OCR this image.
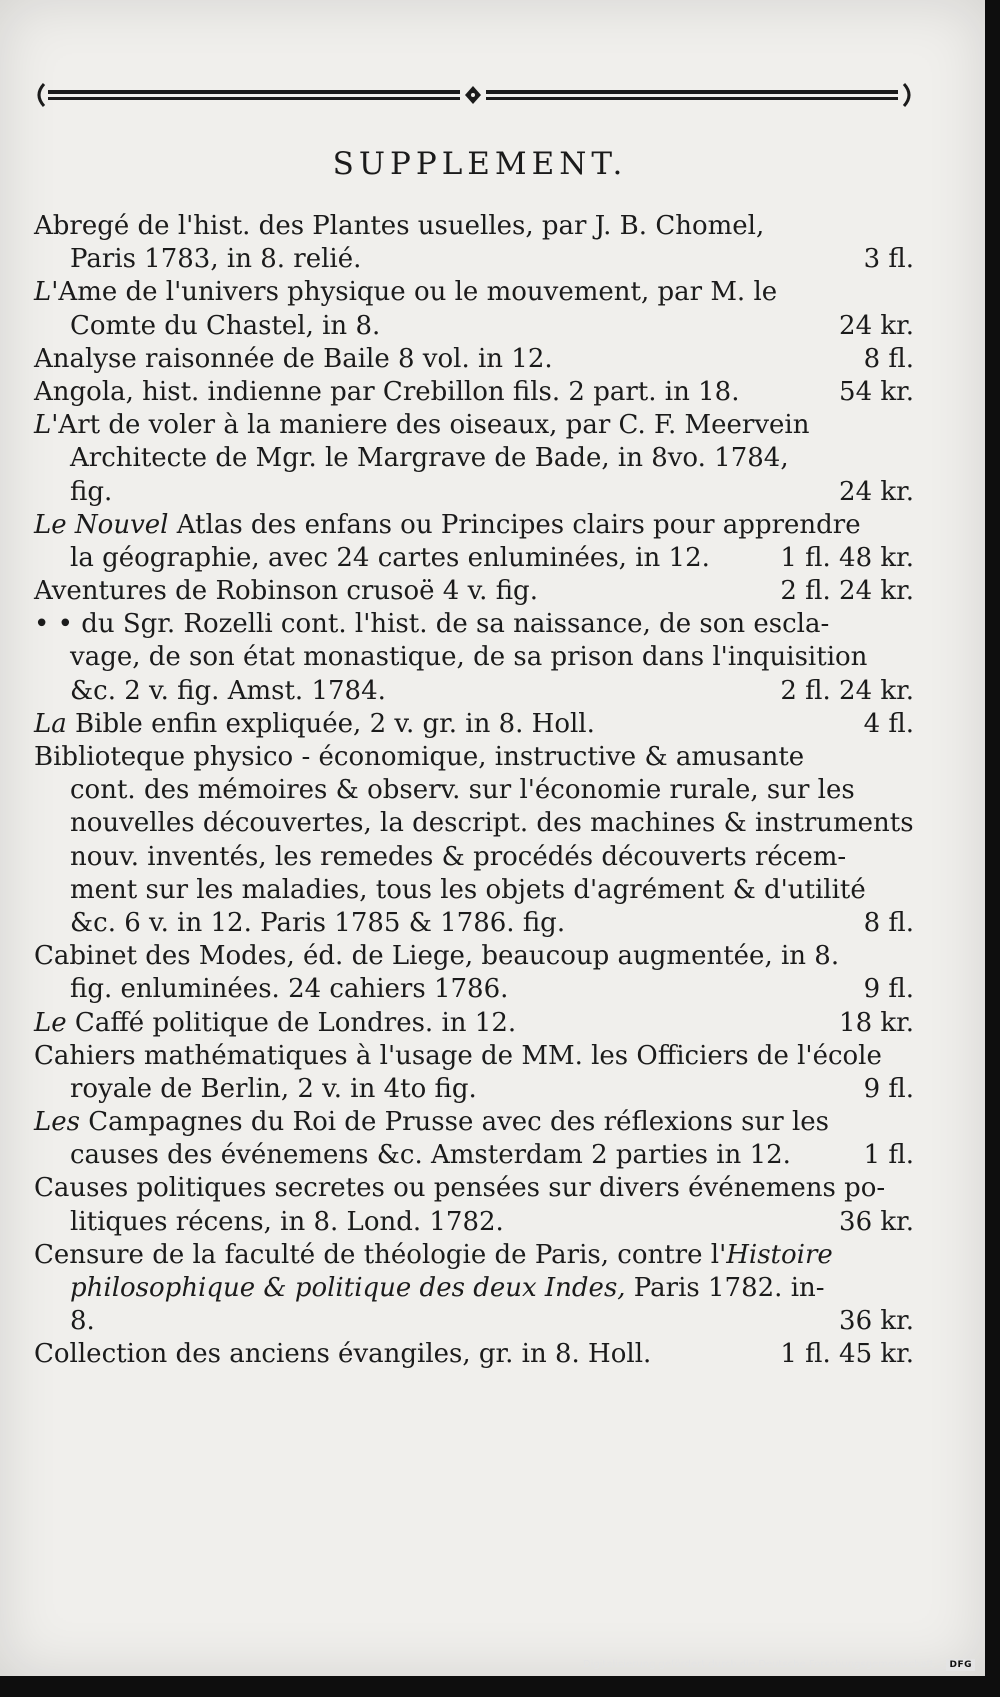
SUPPLEMENT.
Abregé de l'hist. des Plantes usuelles, par J. B. Chomel,
Paris 1783, in 8. relié.	3 fl.
L'Ame de l'univers physique ou le mouvement, par M. le
Comte du Chastel, in 8.	24 kr.
Analyse raisonnée de Baile 8 vol. in 12.	8 fl.
Angola, hist. indienne par Crebillon fils. 2 part. in 18.	54 kr.
L'Art de voler à la maniere des oiseaux, par C. F. Meervein
Architecte de Mgr. le Margrave de Bade, in 8vo. 1784,
fig.	24 kr.
Le Nouvel Atlas des enfans ou Principes clairs pour apprendre
la géographie, avec 24 cartes enluminées, in 12.	1 fl. 48 kr.
Aventures de Robinson crusoë 4 v. fig.	2 fl. 24 kr.
• • du Sgr. Rozelli cont. l'hist. de sa naissance, de son escla-
vage, de son état monastique, de sa prison dans l'inquisition
&c. 2 v. fig. Amst. 1784.	2 fl. 24 kr.
La Bible enfin expliquée, 2 v. gr. in 8. Holl.	4 fl.
Biblioteque physico - économique, instructive & amusante
cont. des mémoires & observ. sur l'économie rurale, sur les
nouvelles découvertes, la descript. des machines & instruments
nouv. inventés, les remedes & procédés découverts récem-
ment sur les maladies, tous les objets d'agrément & d'utilité
&c. 6 v. in 12. Paris 1785 & 1786. fig.	8 fl.
Cabinet des Modes, éd. de Liege, beaucoup augmentée, in 8.
fig. enluminées. 24 cahiers 1786.	9 fl.
Le Caffé politique de Londres. in 12.	18 kr.
Cahiers mathématiques à l'usage de MM. les Officiers de l'école
royale de Berlin, 2 v. in 4to fig.	9 fl.
Les Campagnes du Roi de Prusse avec des réflexions sur les
causes des événemens &c. Amsterdam 2 parties in 12.	1 fl.
Causes politiques secretes ou pensées sur divers événemens po-
litiques récens, in 8. Lond. 1782.	36 kr.
Censure de la faculté de théologie de Paris, contre l'Histoire
philosophique & politique des deux Indes, Paris 1782. in-
8.	36 kr.
Collection des anciens évangiles, gr. in 8. Holl.	1 fl. 45 kr.
Digitalisierung gefördert durch die Deutsche Forschungsgemeinschaft -	DFG
